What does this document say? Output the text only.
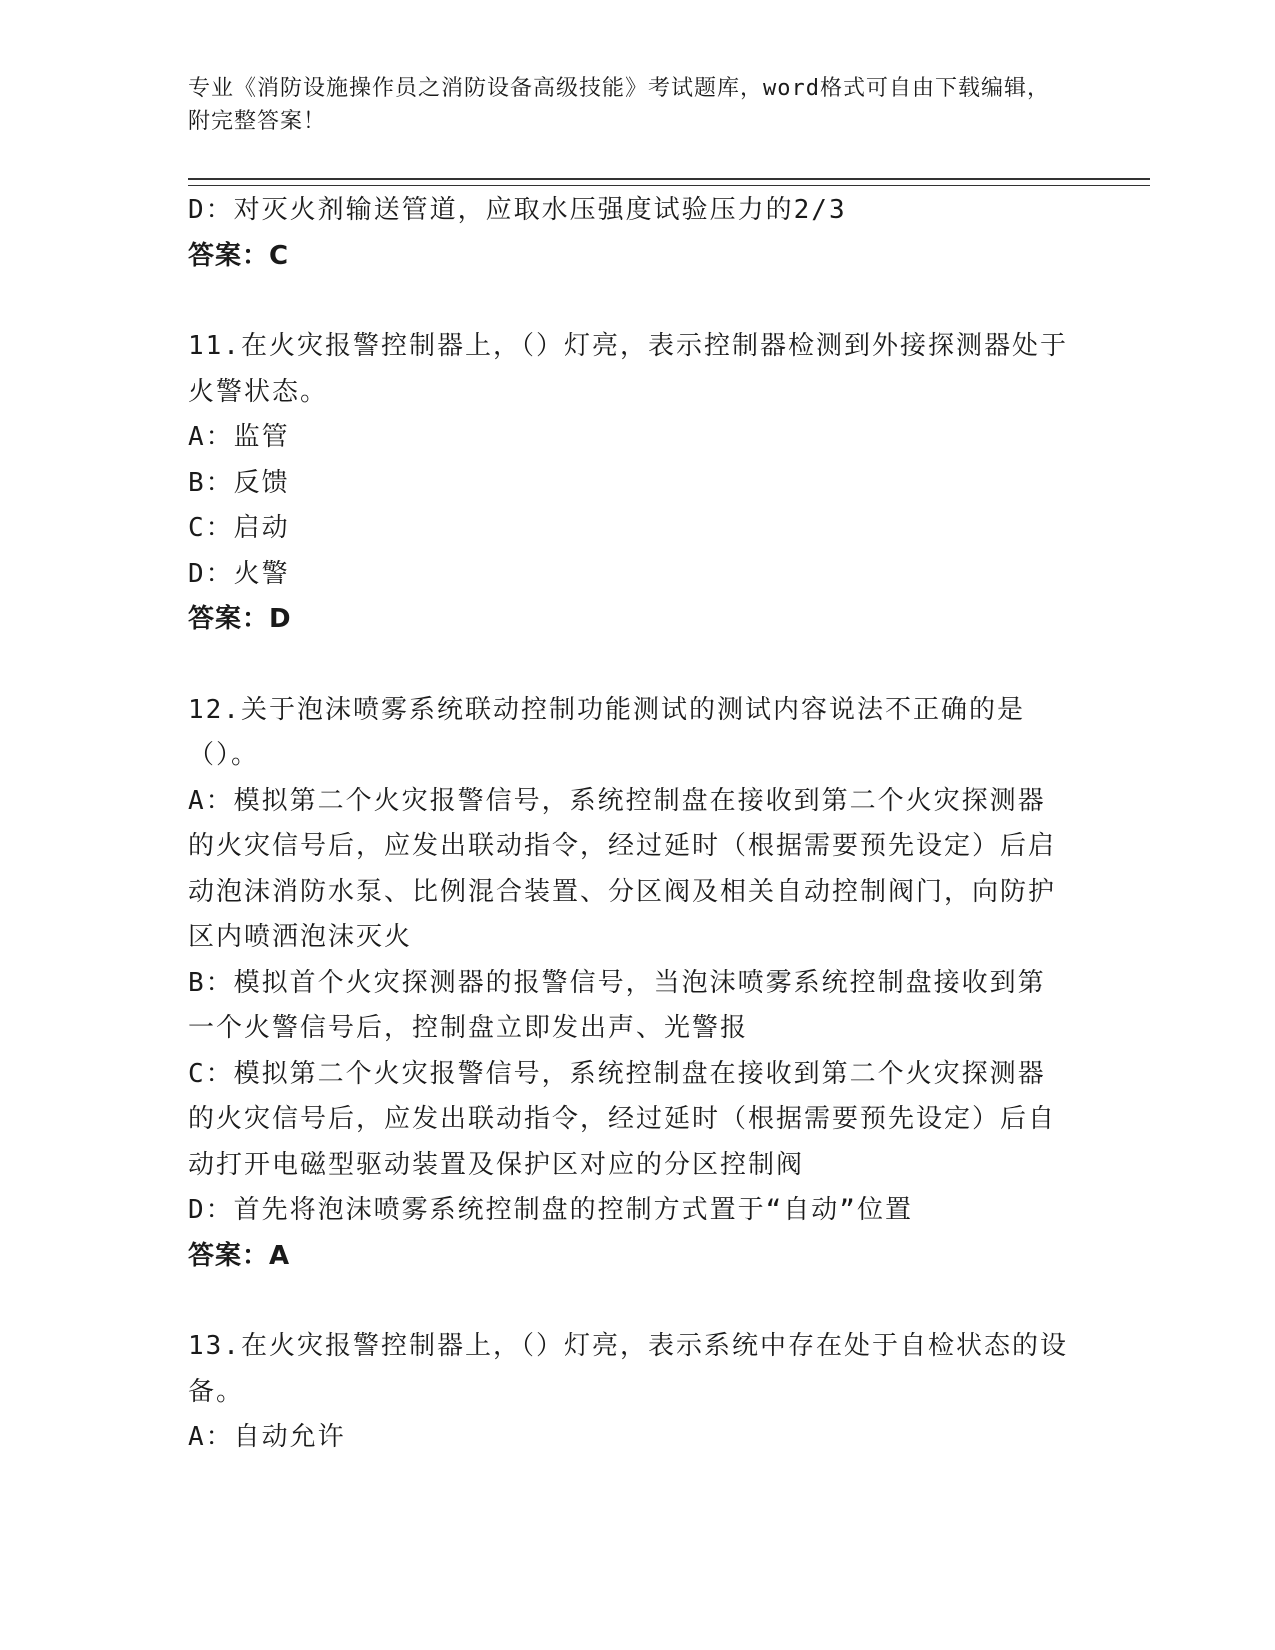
专业《消防设施操作员之消防设备高级技能》考试题库，word格式可自由下载编辑，附完整答案！

D：对灭火剂输送管道，应取水压强度试验压力的2/3

答案：C

11.在火灾报警控制器上，（）灯亮，表示控制器检测到外接探测器处于火警状态。

A：监管

B：反馈

C：启动

D：火警

答案：D

12.关于泡沫喷雾系统联动控制功能测试的测试内容说法不正确的是（）。

A：模拟第二个火灾报警信号，系统控制盘在接收到第二个火灾探测器的火灾信号后，应发出联动指令，经过延时（根据需要预先设定）后启动泡沫消防水泵、比例混合装置、分区阀及相关自动控制阀门，向防护区内喷洒泡沫灭火

B：模拟首个火灾探测器的报警信号，当泡沫喷雾系统控制盘接收到第一个火警信号后，控制盘立即发出声、光警报

C：模拟第二个火灾报警信号，系统控制盘在接收到第二个火灾探测器的火灾信号后，应发出联动指令，经过延时（根据需要预先设定）后自动打开电磁型驱动装置及保护区对应的分区控制阀

D：首先将泡沫喷雾系统控制盘的控制方式置于“自动”位置

答案：A

13.在火灾报警控制器上，（）灯亮，表示系统中存在处于自检状态的设备。

A：自动允许
